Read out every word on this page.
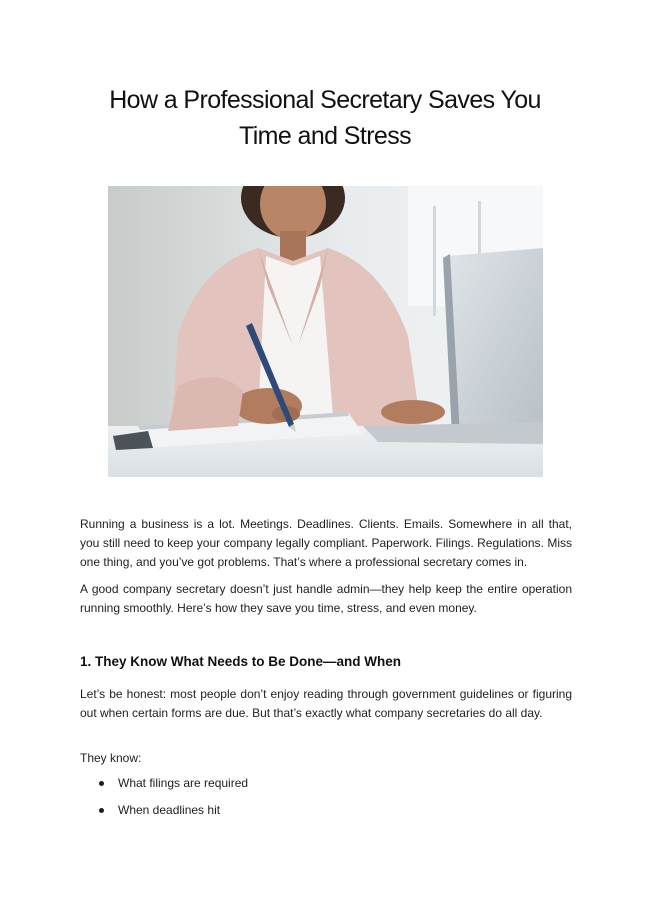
How a Professional Secretary Saves You
Time and Stress

Running a business is a lot. Meetings. Deadlines. Clients. Emails. Somewhere in all that, you still need to keep your company legally compliant. Paperwork. Filings. Regulations. Miss one thing, and you’ve got problems. That’s where a professional secretary comes in.

A good company secretary doesn’t just handle admin—they help keep the entire operation running smoothly. Here’s how they save you time, stress, and even money.

1. They Know What Needs to Be Done—and When

Let’s be honest: most people don’t enjoy reading through government guidelines or figuring out when certain forms are due. But that’s exactly what company secretaries do all day.

They know:

What filings are required
When deadlines hit
